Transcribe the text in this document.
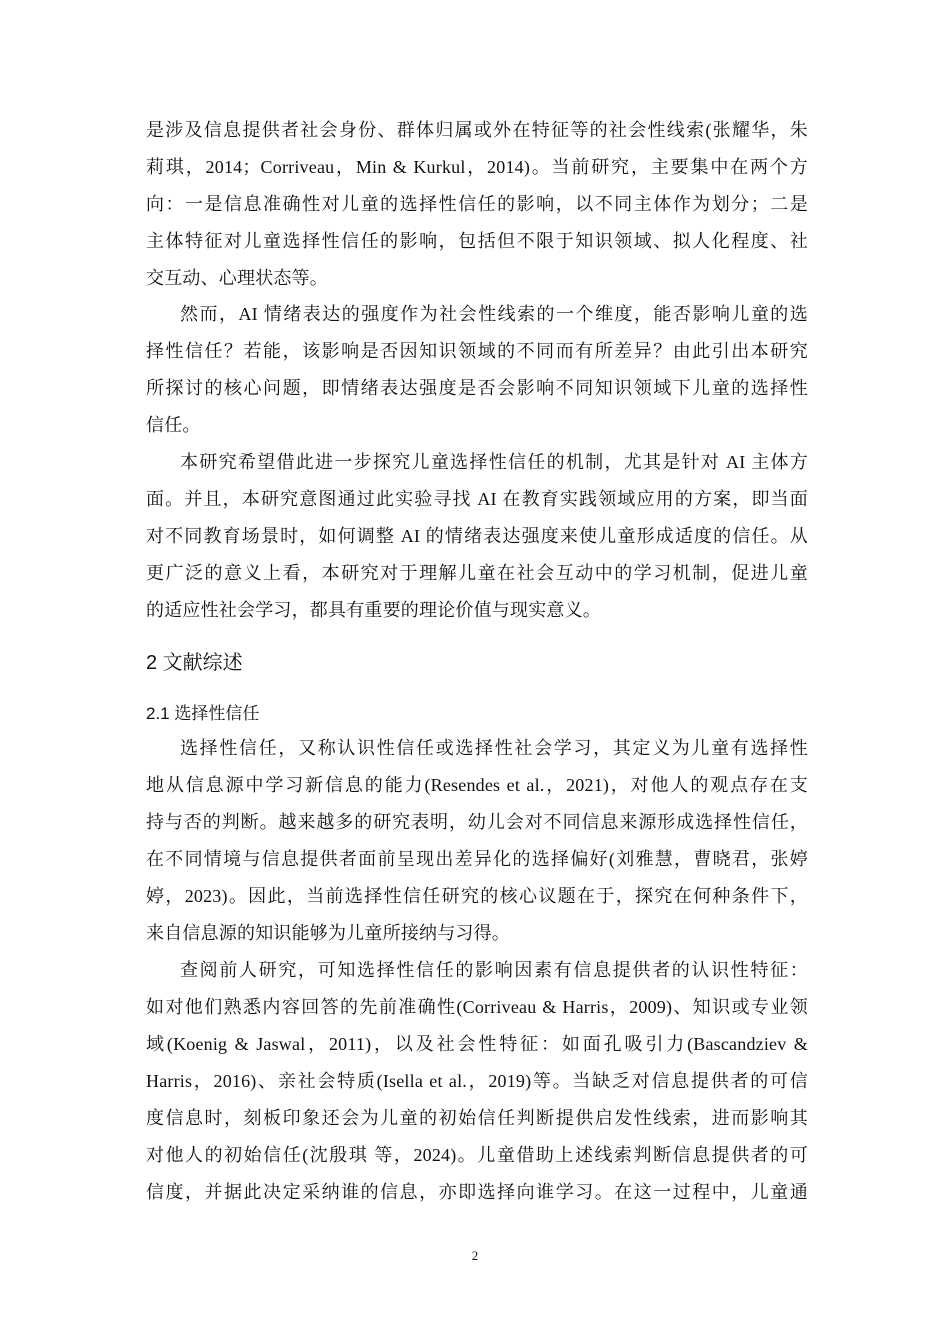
是涉及信息提供者社会身份、群体归属或外在特征等的社会性线索(张耀华，朱
莉琪，2014；Corriveau，Min & Kurkul，2014)。当前研究，主要集中在两个方
向：一是信息准确性对儿童的选择性信任的影响，以不同主体作为划分；二是
主体特征对儿童选择性信任的影响，包括但不限于知识领域、拟人化程度、社
交互动、心理状态等。
然而，AI 情绪表达的强度作为社会性线索的一个维度，能否影响儿童的选
择性信任？若能，该影响是否因知识领域的不同而有所差异？由此引出本研究
所探讨的核心问题，即情绪表达强度是否会影响不同知识领域下儿童的选择性
信任。
本研究希望借此进一步探究儿童选择性信任的机制，尤其是针对 AI 主体方
面。并且，本研究意图通过此实验寻找 AI 在教育实践领域应用的方案，即当面
对不同教育场景时，如何调整 AI 的情绪表达强度来使儿童形成适度的信任。从
更广泛的意义上看，本研究对于理解儿童在社会互动中的学习机制，促进儿童
的适应性社会学习，都具有重要的理论价值与现实意义。
2 文献综述
2.1 选择性信任
选择性信任，又称认识性信任或选择性社会学习，其定义为儿童有选择性
地从信息源中学习新信息的能力(Resendes et al.，2021)，对他人的观点存在支
持与否的判断。越来越多的研究表明，幼儿会对不同信息来源形成选择性信任，
在不同情境与信息提供者面前呈现出差异化的选择偏好(刘雅慧，曹晓君，张婷
婷，2023)。因此，当前选择性信任研究的核心议题在于，探究在何种条件下，
来自信息源的知识能够为儿童所接纳与习得。
查阅前人研究，可知选择性信任的影响因素有信息提供者的认识性特征：
如对他们熟悉内容回答的先前准确性(Corriveau & Harris，2009)、知识或专业领
域(Koenig & Jaswal，2011)，以及社会性特征：如面孔吸引力(Bascandziev &
Harris，2016)、亲社会特质(Isella et al.，2019)等。当缺乏对信息提供者的可信
度信息时，刻板印象还会为儿童的初始信任判断提供启发性线索，进而影响其
对他人的初始信任(沈殷琪 等，2024)。儿童借助上述线索判断信息提供者的可
信度，并据此决定采纳谁的信息，亦即选择向谁学习。在这一过程中，儿童通
2
